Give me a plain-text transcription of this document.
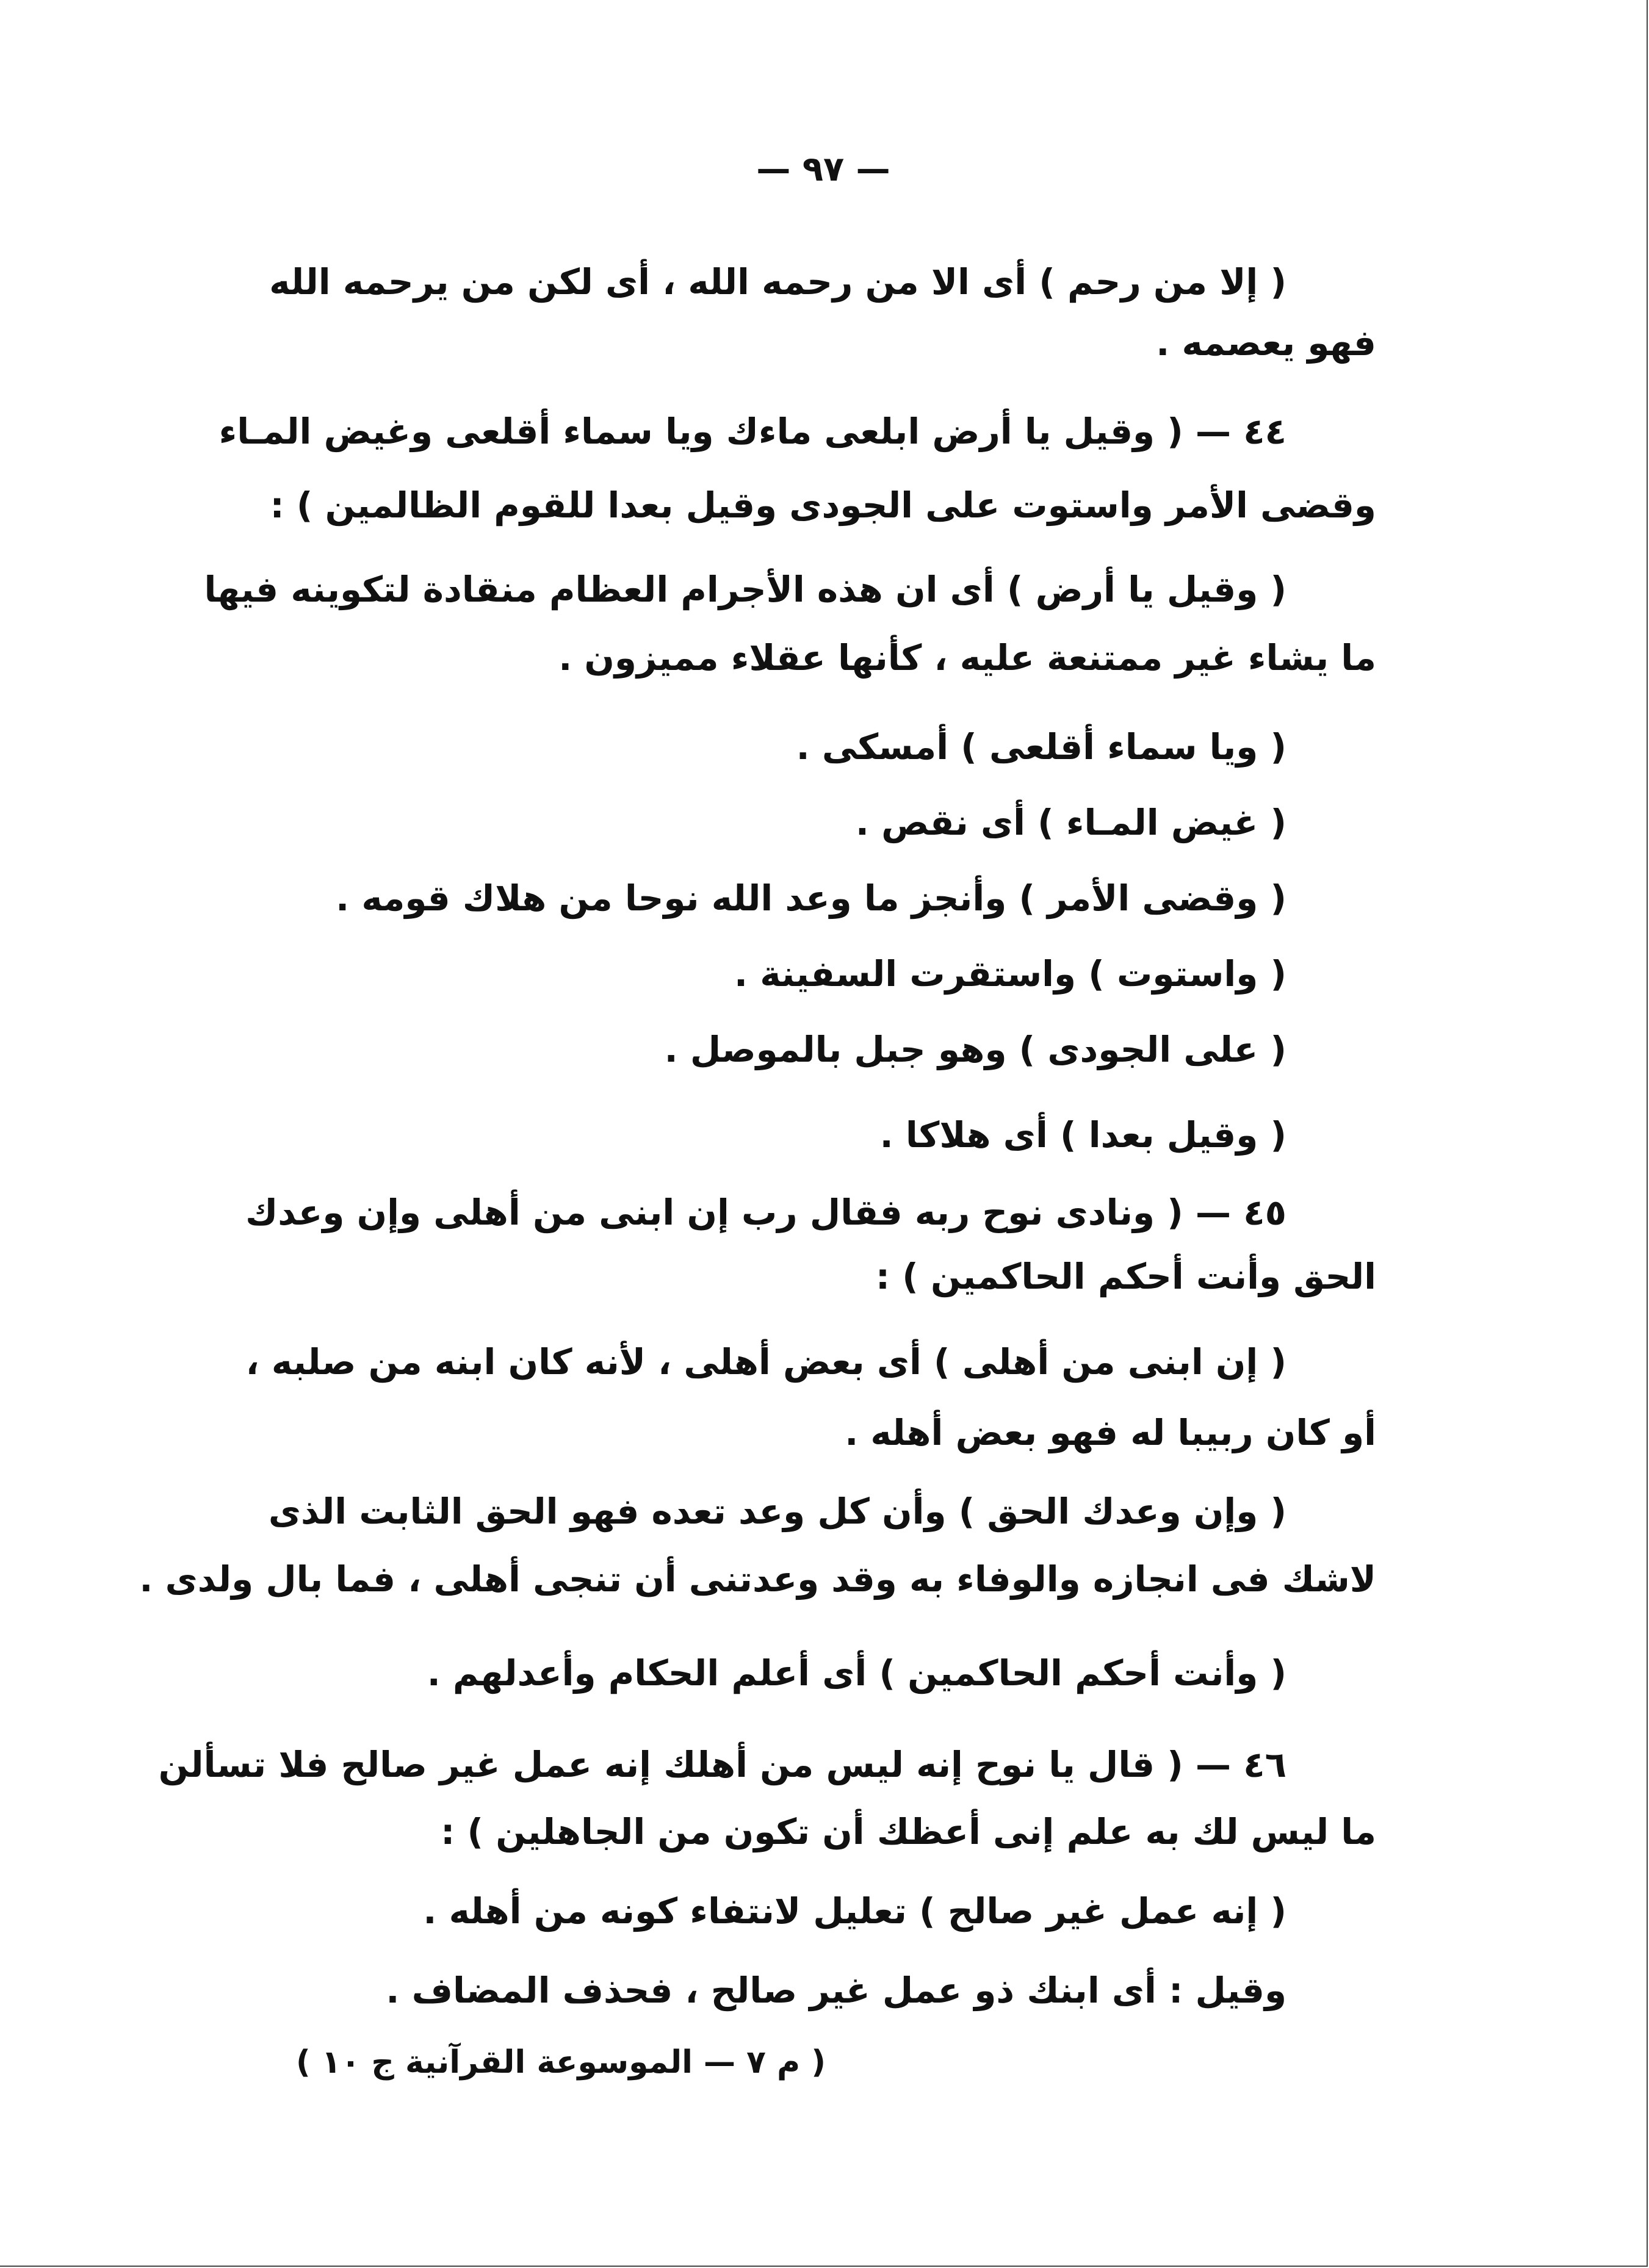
— ٩٧ —
( إلا من رحم ) أى الا من رحمه الله ، أى لكن من يرحمه الله
فهو يعصمه .
٤٤ — ( وقيل يا أرض ابلعى ماءك ويا سماء أقلعى وغيض المـاء
وقضى الأمر واستوت على الجودى وقيل بعدا للقوم الظالمين ) :
( وقيل يا أرض ) أى ان هذه الأجرام العظام منقادة لتكوينه فيها
ما يشاء غير ممتنعة عليه ، كأنها عقلاء مميزون .
( ويا سماء أقلعى ) أمسكى .
( غيض المـاء ) أى نقص .
( وقضى الأمر ) وأنجز ما وعد الله نوحا من هلاك قومه .
( واستوت ) واستقرت السفينة .
( على الجودى ) وهو جبل بالموصل .
( وقيل بعدا ) أى هلاكا .
٤٥ — ( ونادى نوح ربه فقال رب إن ابنى من أهلى وإن وعدك
الحق وأنت أحكم الحاكمين ) :
( إن ابنى من أهلى ) أى بعض أهلى ، لأنه كان ابنه من صلبه ،
أو كان ربيبا له فهو بعض أهله .
( وإن وعدك الحق ) وأن كل وعد تعده فهو الحق الثابت الذى
لاشك فى انجازه والوفاء به وقد وعدتنى أن تنجى أهلى ، فما بال ولدى .
( وأنت أحكم الحاكمين ) أى أعلم الحكام وأعدلهم .
٤٦ — ( قال يا نوح إنه ليس من أهلك إنه عمل غير صالح فلا تسألن
ما ليس لك به علم إنى أعظك أن تكون من الجاهلين ) :
( إنه عمل غير صالح ) تعليل لانتفاء كونه من أهله .
وقيل : أى ابنك ذو عمل غير صالح ، فحذف المضاف .
( م ٧ — الموسوعة القرآنية ج ١٠ )
